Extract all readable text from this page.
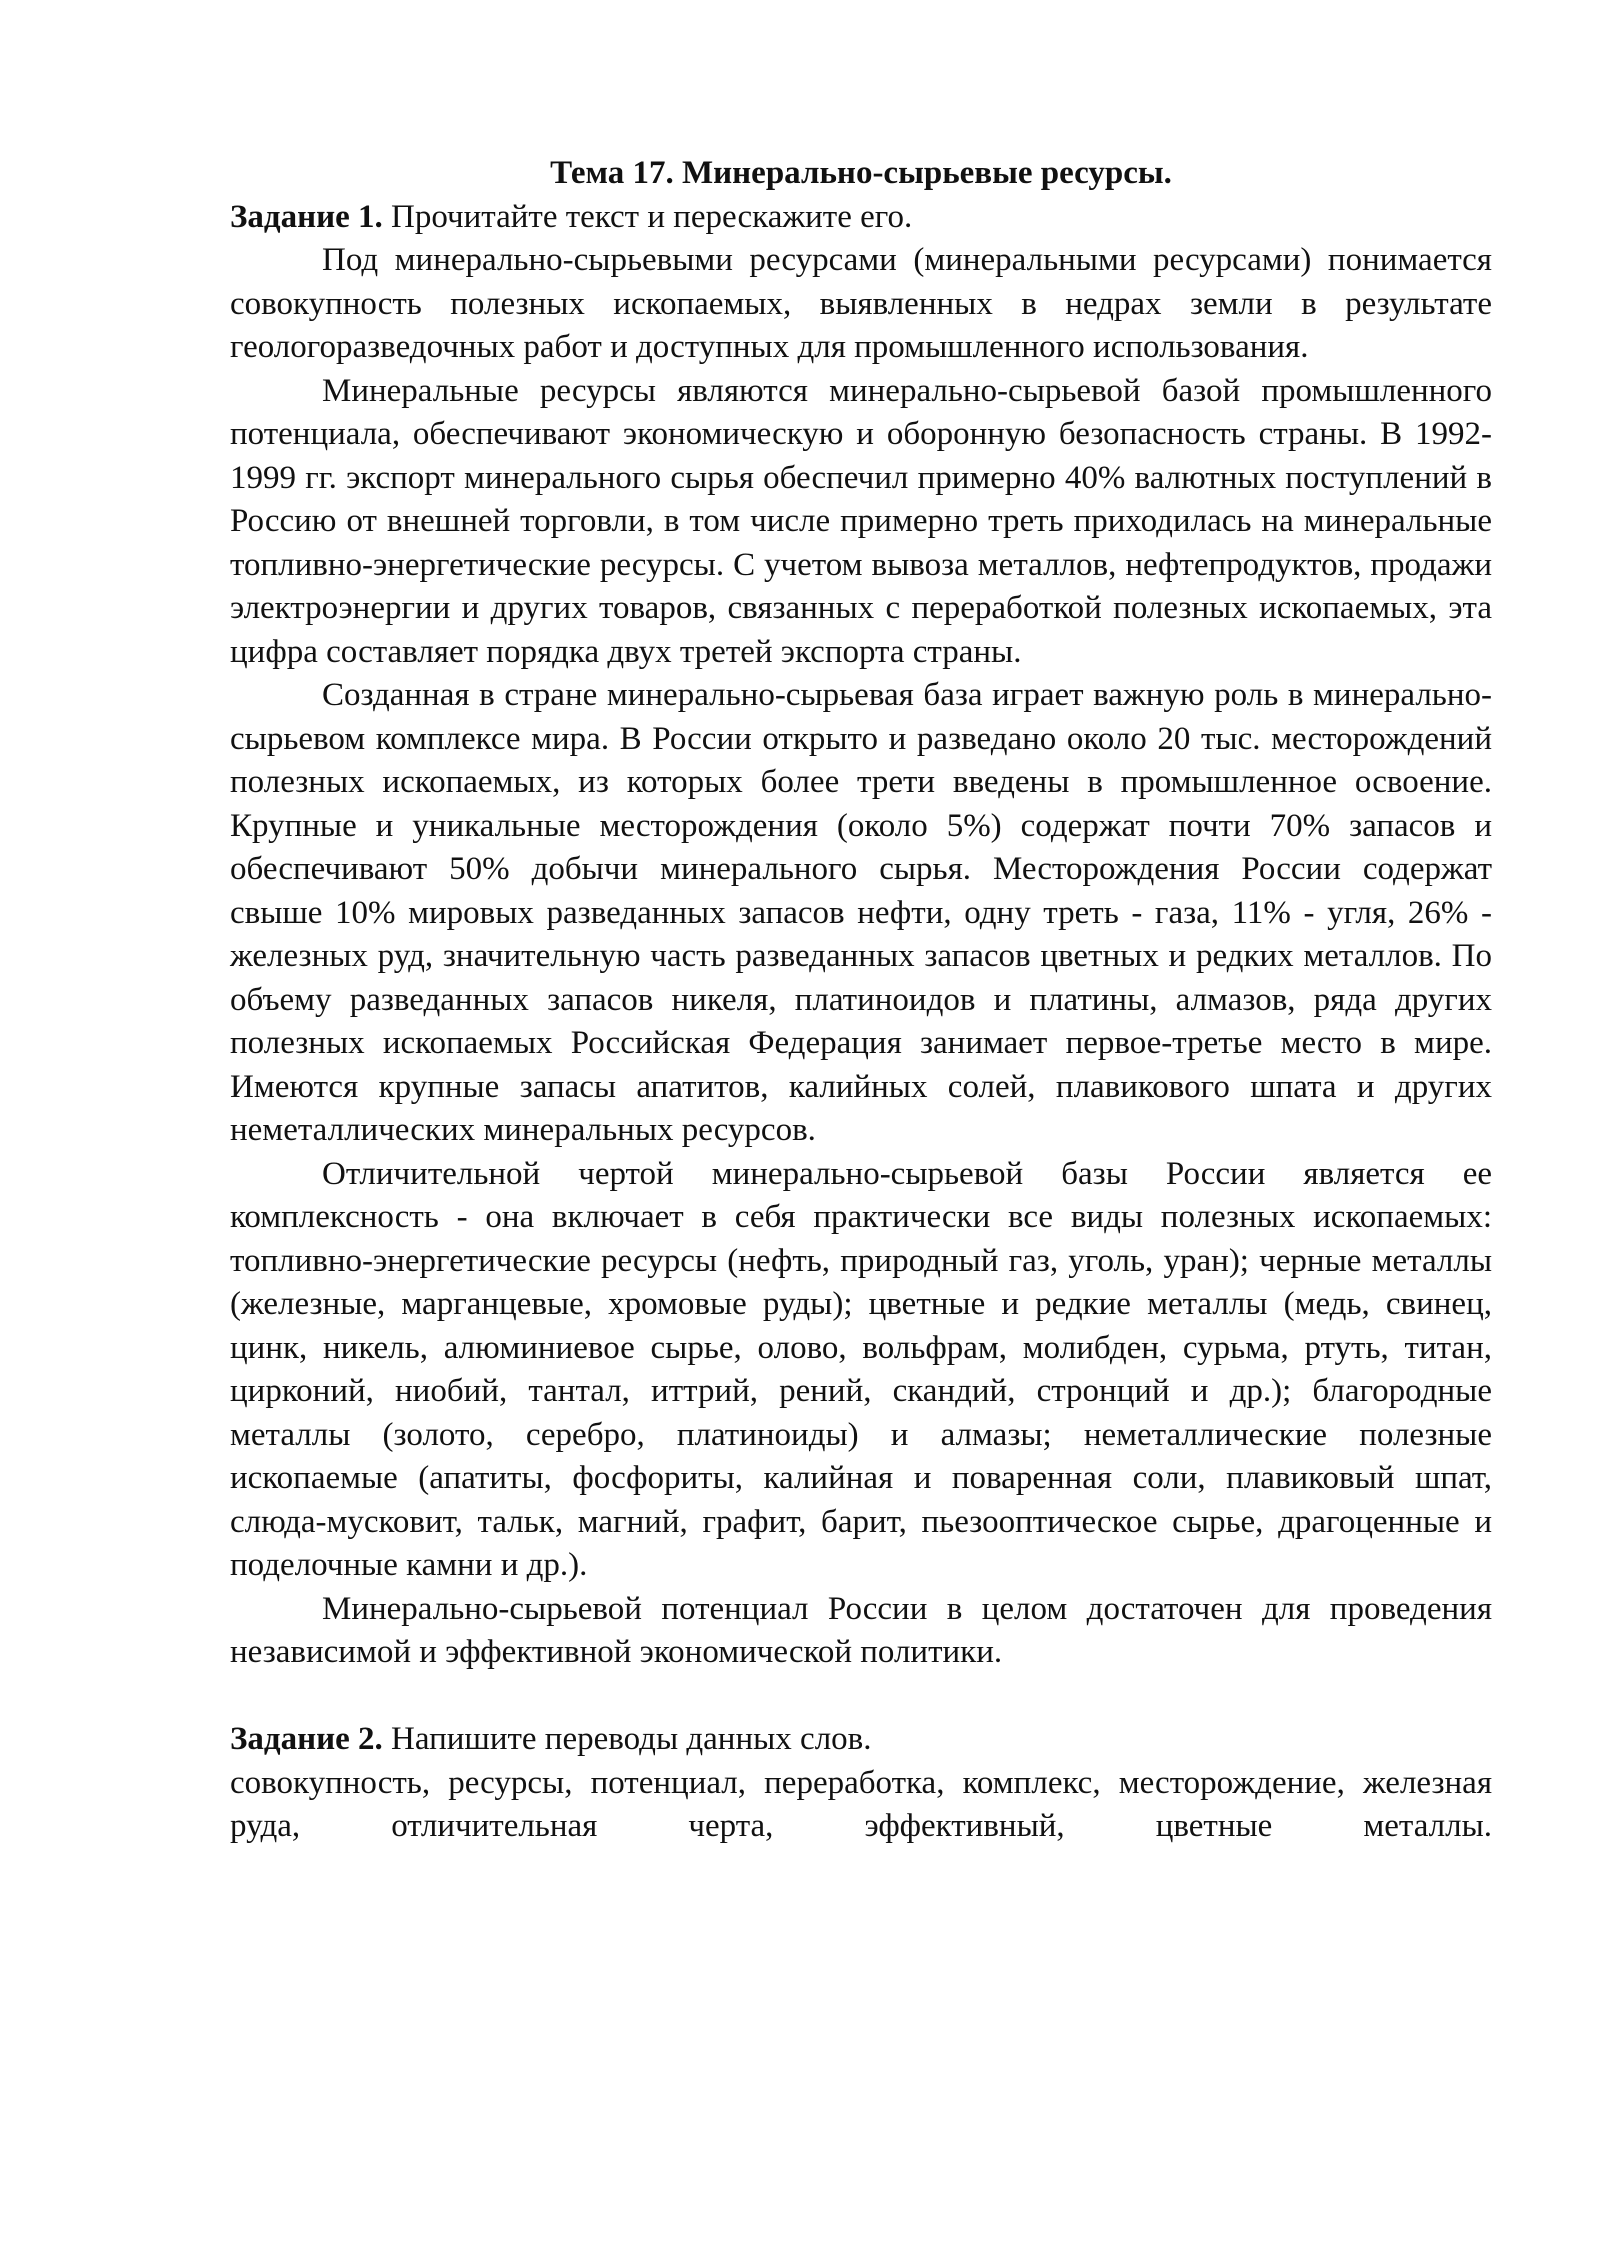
Тема 17. Минерально-сырьевые ресурсы.

Задание 1. Прочитайте текст и перескажите его.

Под минерально-сырьевыми ресурсами (минеральными ресурсами) понимается совокупность полезных ископаемых, выявленных в недрах земли в результате геологоразведочных работ и доступных для промышленного использования.

Минеральные ресурсы являются минерально-сырьевой базой промышленного потенциала, обеспечивают экономическую и оборонную безопасность страны. В 1992-1999 гг. экспорт минерального сырья обеспечил примерно 40% валютных поступлений в Россию от внешней торговли, в том числе примерно треть приходилась на минеральные топливно-энергетические ресурсы. С учетом вывоза металлов, нефтепродуктов, продажи электроэнергии и других товаров, связанных с переработкой полезных ископаемых, эта цифра составляет порядка двух третей экспорта страны.

Созданная в стране минерально-сырьевая база играет важную роль в минерально-сырьевом комплексе мира. В России открыто и разведано около 20 тыс. месторождений полезных ископаемых, из которых более трети введены в промышленное освоение. Крупные и уникальные месторождения (около 5%) содержат почти 70% запасов и обеспечивают 50% добычи минерального сырья. Месторождения России содержат свыше 10% мировых разведанных запасов нефти, одну треть - газа, 11% - угля, 26% - железных руд, значительную часть разведанных запасов цветных и редких металлов. По объему разведанных запасов никеля, платиноидов и платины, алмазов, ряда других полезных ископаемых Российская Федерация занимает первое-третье место в мире. Имеются крупные запасы апатитов, калийных солей, плавикового шпата и других неметаллических минеральных ресурсов.

Отличительной чертой минерально-сырьевой базы России является ее комплексность - она включает в себя практически все виды полезных ископаемых: топливно-энергетические ресурсы (нефть, природный газ, уголь, уран); черные металлы (железные, марганцевые, хромовые руды); цветные и редкие металлы (медь, свинец, цинк, никель, алюминиевое сырье, олово, вольфрам, молибден, сурьма, ртуть, титан, цирконий, ниобий, тантал, иттрий, рений, скандий, стронций и др.); благородные металлы (золото, серебро, платиноиды) и алмазы; неметаллические полезные ископаемые (апатиты, фосфориты, калийная и поваренная соли, плавиковый шпат, слюда-мусковит, тальк, магний, графит, барит, пьезооптическое сырье, драгоценные и поделочные камни и др.).

Минерально-сырьевой потенциал России в целом достаточен для проведения независимой и эффективной экономической политики.

Задание 2. Напишите переводы данных слов.

совокупность, ресурсы, потенциал, переработка, комплекс, месторождение, железная руда, отличительная черта, эффективный, цветные металлы.
